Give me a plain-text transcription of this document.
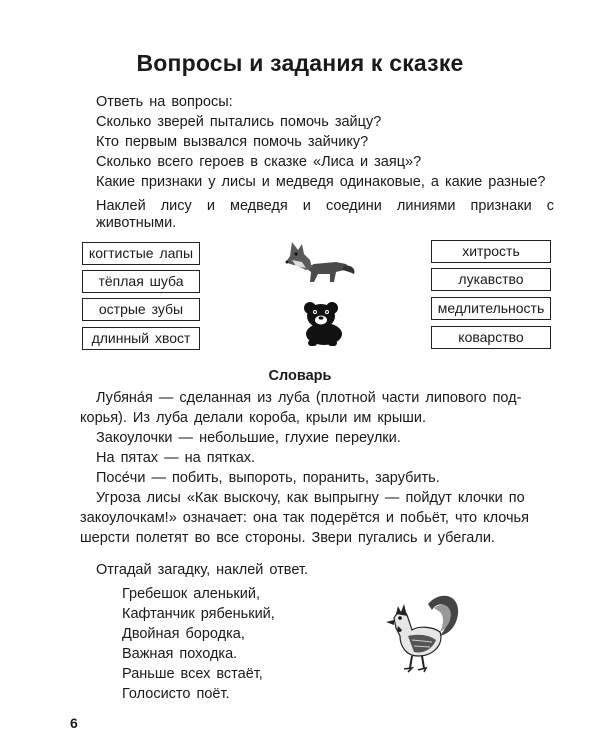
Вопросы и задания к сказке
Ответь на вопросы:
Сколько зверей пытались помочь зайцу?
Кто первым вызвался помочь зайчику?
Сколько всего героев в сказке «Лиса и заяц»?
Какие признаки у лисы и медведя одинаковые, а какие разные?
Наклей лису и медведя и соедини линиями признаки с животными.
когтистые лапы
тёплая шуба
острые зубы
длинный хвост
хитрость
лукавство
медлительность
коварство
Словарь
Лубяна́я — сделанная из луба (плотной части липового под-
корья). Из луба делали короба, крыли им крыши.
Закоулочки — небольшие, глухие переулки.
На пятах — на пятках.
Посе́чи — побить, выпороть, поранить, зарубить.
Угроза лисы «Как выскочу, как выпрыгну — пойдут клочки по
закоулочкам!» означает: она так подерётся и побьёт, что клочья
шерсти полетят во все стороны. Звери пугались и убегали.
Отгадай загадку, наклей ответ.
Гребешок аленький,
Кафтанчик рябенький,
Двойная бородка,
Важная походка.
Раньше всех встаёт,
Голосисто поёт.
6
